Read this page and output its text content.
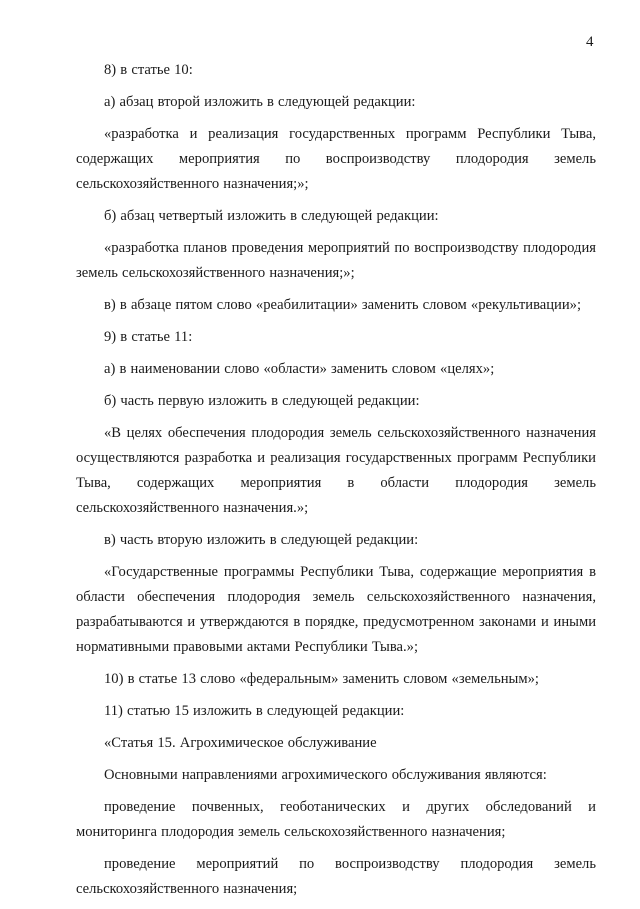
4

8) в статье 10:

а) абзац второй изложить в следующей редакции:

«разработка и реализация государственных программ Республики Тыва, содержащих мероприятия по воспроизводству плодородия земель сельскохозяйственного назначения;»;

б) абзац четвертый изложить в следующей редакции:

«разработка планов проведения мероприятий по воспроизводству плодородия земель сельскохозяйственного назначения;»;

в) в абзаце пятом слово «реабилитации» заменить словом «рекультивации»;

9) в статье 11:

а) в наименовании слово «области» заменить словом «целях»;

б) часть первую изложить в следующей редакции:

«В целях обеспечения плодородия земель сельскохозяйственного назначения осуществляются разработка и реализация государственных программ Республики Тыва, содержащих мероприятия в области плодородия земель сельскохозяйственного назначения.»;

в) часть вторую изложить в следующей редакции:

«Государственные программы Республики Тыва, содержащие мероприятия в области обеспечения плодородия земель сельскохозяйственного назначения, разрабатываются и утверждаются в порядке, предусмотренном законами и иными нормативными правовыми актами Республики Тыва.»;

10) в статье 13 слово «федеральным» заменить словом «земельным»;

11) статью 15 изложить в следующей редакции:

«Статья 15. Агрохимическое обслуживание

Основными направлениями агрохимического обслуживания являются:

проведение почвенных, геоботанических и других обследований и мониторинга плодородия земель сельскохозяйственного назначения;

проведение мероприятий по воспроизводству плодородия земель сельскохозяйственного назначения;
